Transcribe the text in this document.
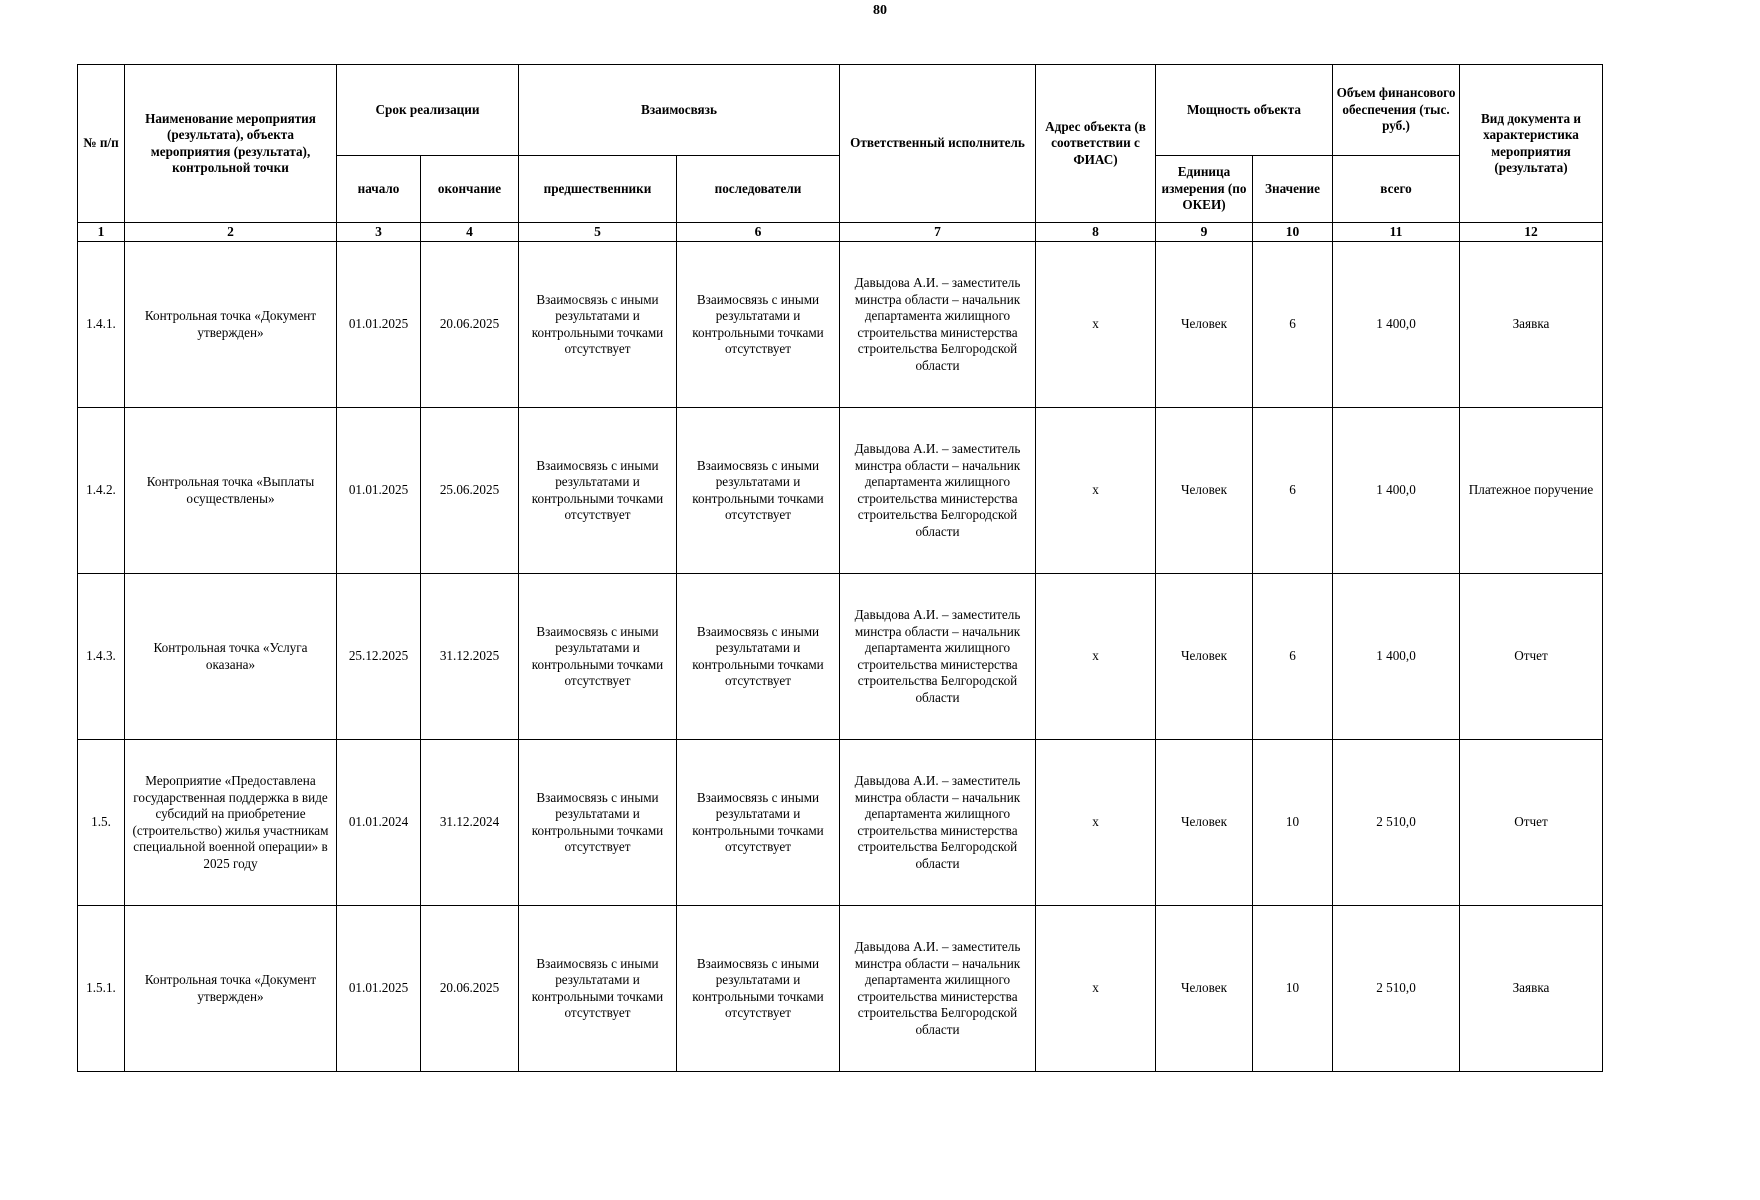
80
№ п/п	Наименование мероприятия (результата), объекта мероприятия (результата), контрольной точки	Срок реализации		Взаимосвязь		Ответственный исполнитель	Адрес объекта (в соответствии с ФИАС)	Мощность объекта		Объем финансового обеспечения (тыс. руб.)	Вид документа и характеристика мероприятия (результата)
		начало	окончание	предшественники	последователи			Единица измерения (по ОКЕИ)	Значение	всего	
1	2	3	4	5	6	7	8	9	10	11	12
1.4.1.	Контрольная точка «Документ утвержден»	01.01.2025	20.06.2025	Взаимосвязь с иными результатами и контрольными точками отсутствует	Взаимосвязь с иными результатами и контрольными точками отсутствует	Давыдова А.И. – заместитель минстра области – начальник департамента жилищного строительства министерства строительства Белгородской области	х	Человек	6	1 400,0	Заявка
1.4.2.	Контрольная точка «Выплаты осуществлены»	01.01.2025	25.06.2025	Взаимосвязь с иными результатами и контрольными точками отсутствует	Взаимосвязь с иными результатами и контрольными точками отсутствует	Давыдова А.И. – заместитель минстра области – начальник департамента жилищного строительства министерства строительства Белгородской области	х	Человек	6	1 400,0	Платежное поручение
1.4.3.	Контрольная точка «Услуга оказана»	25.12.2025	31.12.2025	Взаимосвязь с иными результатами и контрольными точками отсутствует	Взаимосвязь с иными результатами и контрольными точками отсутствует	Давыдова А.И. – заместитель минстра области – начальник департамента жилищного строительства министерства строительства Белгородской области	х	Человек	6	1 400,0	Отчет
1.5.	Мероприятие «Предоставлена государственная поддержка в виде субсидий на приобретение (строительство) жилья участникам специальной военной операции» в 2025 году	01.01.2024	31.12.2024	Взаимосвязь с иными результатами и контрольными точками отсутствует	Взаимосвязь с иными результатами и контрольными точками отсутствует	Давыдова А.И. – заместитель минстра области – начальник департамента жилищного строительства министерства строительства Белгородской области	х	Человек	10	2 510,0	Отчет
1.5.1.	Контрольная точка «Документ утвержден»	01.01.2025	20.06.2025	Взаимосвязь с иными результатами и контрольными точками отсутствует	Взаимосвязь с иными результатами и контрольными точками отсутствует	Давыдова А.И. – заместитель минстра области – начальник департамента жилищного строительства министерства строительства Белгородской области	х	Человек	10	2 510,0	Заявка
